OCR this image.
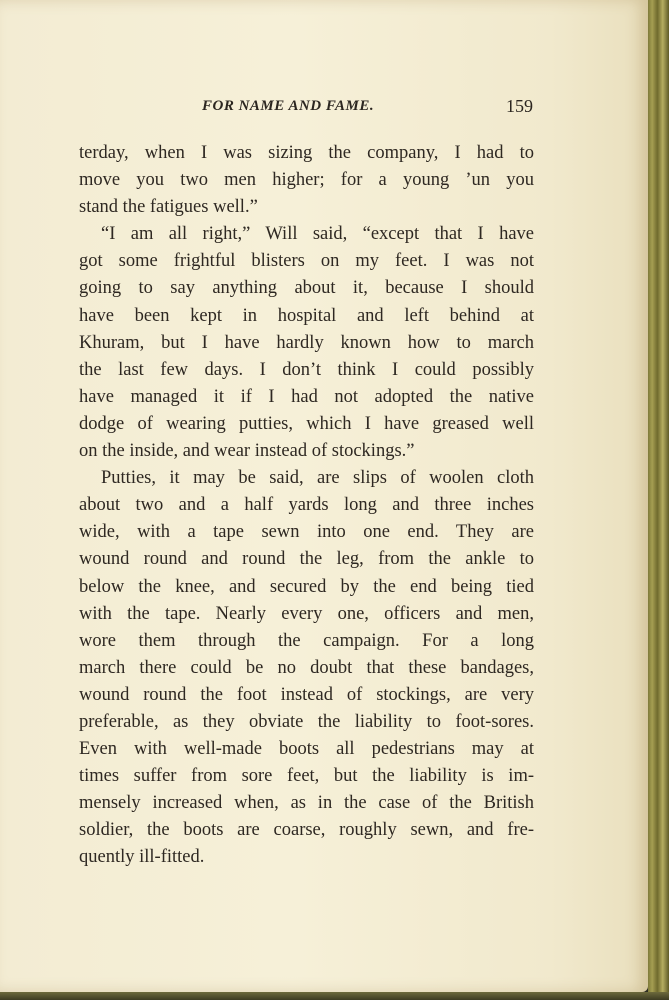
FOR NAME AND FAME.	159
terday, when I was sizing the company, I had to
move you two men higher; for a young ’un you
stand the fatigues well.”
“I am all right,” Will said, “except that I have
got some frightful blisters on my feet. I was not
going to say anything about it, because I should
have been kept in hospital and left behind at
Khuram, but I have hardly known how to march
the last few days. I don’t think I could possibly
have managed it if I had not adopted the native
dodge of wearing putties, which I have greased well
on the inside, and wear instead of stockings.”
Putties, it may be said, are slips of woolen cloth
about two and a half yards long and three inches
wide, with a tape sewn into one end. They are
wound round and round the leg, from the ankle to
below the knee, and secured by the end being tied
with the tape. Nearly every one, officers and men,
wore them through the campaign. For a long
march there could be no doubt that these bandages,
wound round the foot instead of stockings, are very
preferable, as they obviate the liability to foot-sores.
Even with well-made boots all pedestrians may at
times suffer from sore feet, but the liability is im-
mensely increased when, as in the case of the British
soldier, the boots are coarse, roughly sewn, and fre-
quently ill-fitted.
